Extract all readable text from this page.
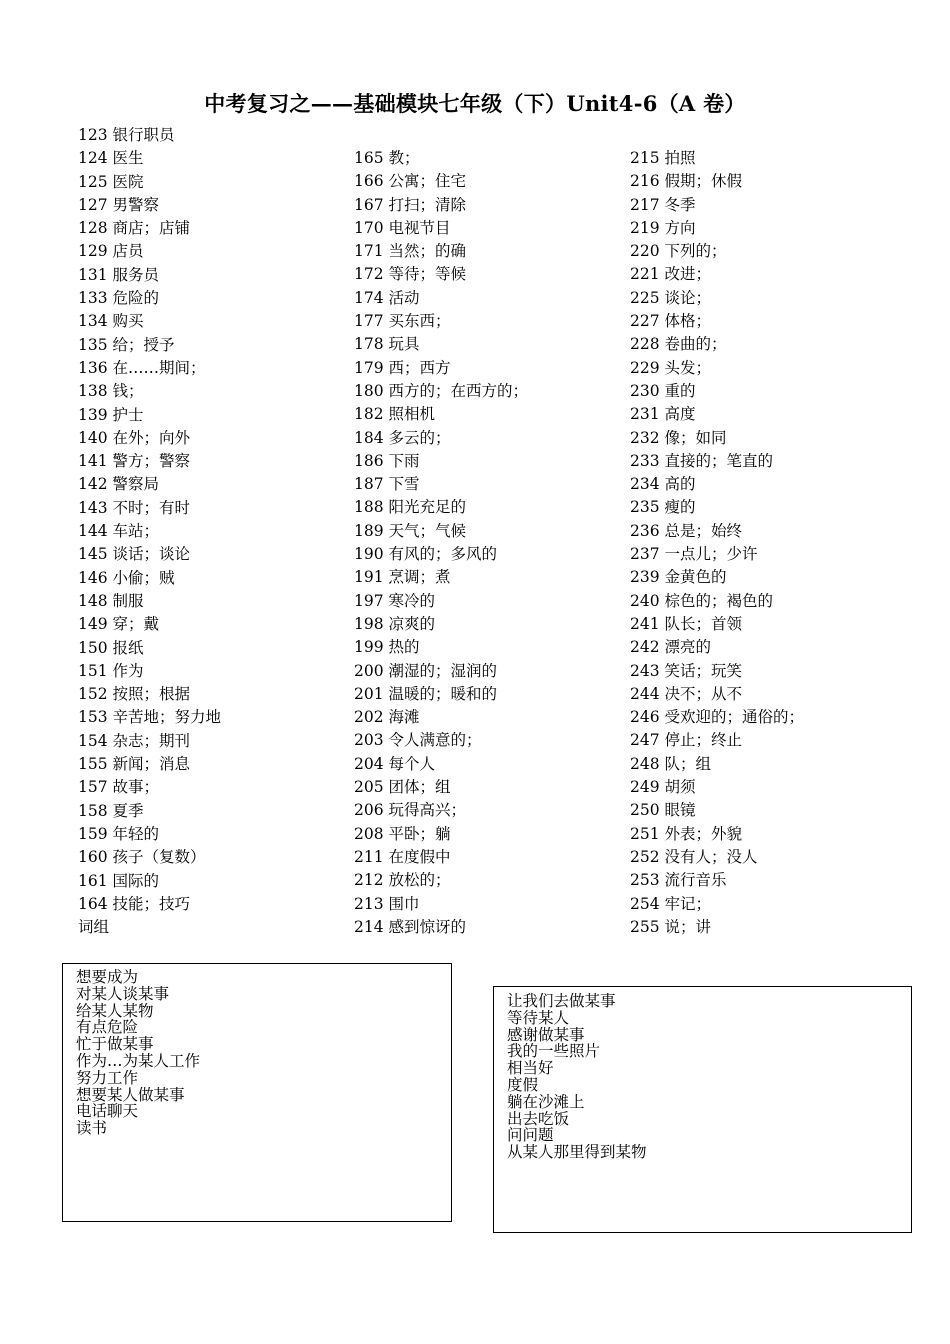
中考复习之——基础模块七年级（下）Unit4-6（A 卷）
123 银行职员
124 医生
125 医院
127 男警察
128 商店；店铺
129 店员
131 服务员
133 危险的
134 购买
135 给；授予
136 在……期间；
138 钱；
139 护士
140 在外；向外
141 警方；警察
142 警察局
143 不时；有时
144 车站；
145 谈话；谈论
146 小偷；贼
148 制服
149 穿；戴
150 报纸
151 作为
152 按照；根据
153 辛苦地；努力地
154 杂志；期刊
155 新闻；消息
157 故事；
158 夏季
159 年轻的
160 孩子（复数）
161 国际的
164 技能；技巧
词组
165 教；
166 公寓；住宅
167 打扫；清除
170 电视节目
171 当然；的确
172 等待；等候
174 活动
177 买东西；
178 玩具
179 西；西方
180 西方的；在西方的；
182 照相机
184 多云的；
186 下雨
187 下雪
188 阳光充足的
189 天气；气候
190 有风的；多风的
191 烹调；煮
197 寒冷的
198 凉爽的
199 热的
200 潮湿的；湿润的
201 温暖的；暖和的
202 海滩
203 令人满意的；
204 每个人
205 团体；组
206 玩得高兴；
208 平卧；躺
211 在度假中
212 放松的；
213 围巾
214 感到惊讶的
215 拍照
216 假期；休假
217 冬季
219 方向
220 下列的；
221 改进；
225 谈论；
227 体格；
228 卷曲的；
229 头发；
230 重的
231 高度
232 像；如同
233 直接的；笔直的
234 高的
235 瘦的
236 总是；始终
237 一点儿；少许
239 金黄色的
240 棕色的；褐色的
241 队长；首领
242 漂亮的
243 笑话；玩笑
244 决不；从不
246 受欢迎的；通俗的；
247 停止；终止
248 队；组
249 胡须
250 眼镜
251 外表；外貌
252 没有人；没人
253 流行音乐
254 牢记；
255 说；讲
想要成为
对某人谈某事
给某人某物
有点危险
忙于做某事
作为…为某人工作
努力工作
想要某人做某事
电话聊天
读书
让我们去做某事
等待某人
感谢做某事
我的一些照片
相当好
度假
躺在沙滩上
出去吃饭
问问题
从某人那里得到某物
